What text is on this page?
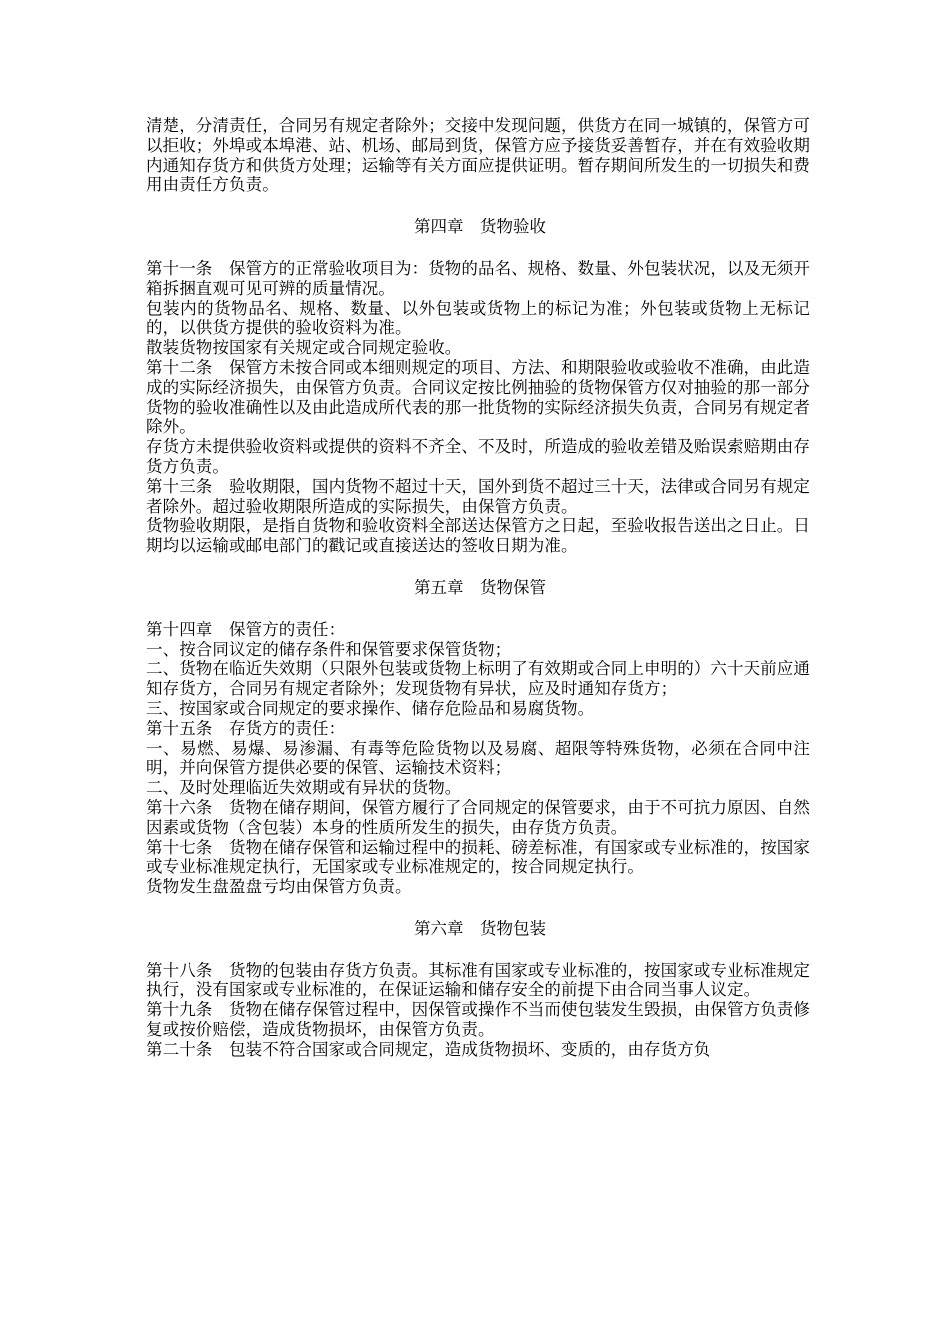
清楚，分清责任，合同另有规定者除外；交接中发现问题，供货方在同一城镇的，保管方可以拒收；外埠或本埠港、站、机场、邮局到货，保管方应予接货妥善暂存，并在有效验收期内通知存货方和供货方处理；运输等有关方面应提供证明。暂存期间所发生的一切损失和费用由责任方负责。

第四章　货物验收

第十一条　保管方的正常验收项目为：货物的品名、规格、数量、外包装状况，以及无须开箱拆捆直观可见可辨的质量情况。

包装内的货物品名、规格、数量、以外包装或货物上的标记为准；外包装或货物上无标记的，以供货方提供的验收资料为准。

散装货物按国家有关规定或合同规定验收。

第十二条　保管方未按合同或本细则规定的项目、方法、和期限验收或验收不准确，由此造成的实际经济损失，由保管方负责。合同议定按比例抽验的货物保管方仅对抽验的那一部分货物的验收准确性以及由此造成所代表的那一批货物的实际经济损失负责，合同另有规定者除外。

存货方未提供验收资料或提供的资料不齐全、不及时，所造成的验收差错及贻误索赔期由存货方负责。

第十三条　验收期限，国内货物不超过十天，国外到货不超过三十天，法律或合同另有规定者除外。超过验收期限所造成的实际损失，由保管方负责。

货物验收期限，是指自货物和验收资料全部送达保管方之日起，至验收报告送出之日止。日期均以运输或邮电部门的戳记或直接送达的签收日期为准。

第五章　货物保管

第十四章　保管方的责任：

一、按合同议定的储存条件和保管要求保管货物；

二、货物在临近失效期（只限外包装或货物上标明了有效期或合同上申明的）六十天前应通知存货方，合同另有规定者除外；发现货物有异状，应及时通知存货方；

三、按国家或合同规定的要求操作、储存危险品和易腐货物。

第十五条　存货方的责任：

一、易燃、易爆、易渗漏、有毒等危险货物以及易腐、超限等特殊货物，必须在合同中注明，并向保管方提供必要的保管、运输技术资料；

二、及时处理临近失效期或有异状的货物。

第十六条　货物在储存期间，保管方履行了合同规定的保管要求，由于不可抗力原因、自然因素或货物（含包装）本身的性质所发生的损失，由存货方负责。

第十七条　货物在储存保管和运输过程中的损耗、磅差标准，有国家或专业标准的，按国家或专业标准规定执行，无国家或专业标准规定的，按合同规定执行。

货物发生盘盈盘亏均由保管方负责。

第六章　货物包装

第十八条　货物的包装由存货方负责。其标准有国家或专业标准的，按国家或专业标准规定执行，没有国家或专业标准的，在保证运输和储存安全的前提下由合同当事人议定。

第十九条　货物在储存保管过程中，因保管或操作不当而使包装发生毁损，由保管方负责修复或按价赔偿，造成货物损坏，由保管方负责。

第二十条　包装不符合国家或合同规定，造成货物损坏、变质的，由存货方负
